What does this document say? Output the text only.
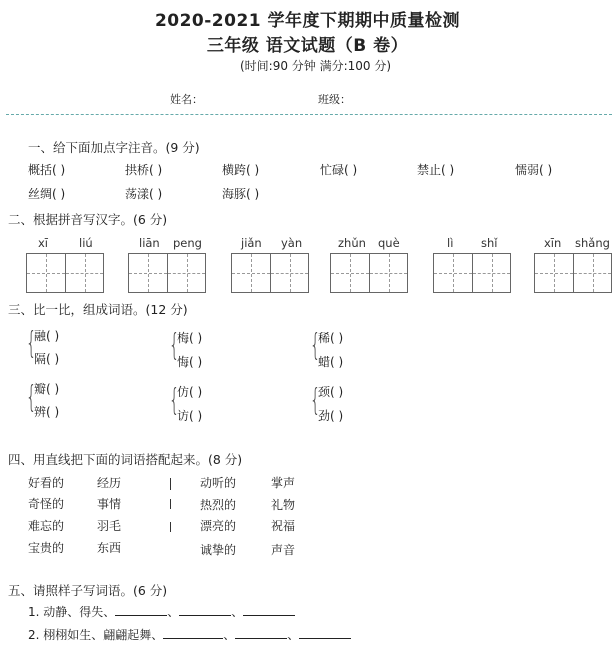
2020-2021 学年度下期期中质量检测
三年级 语文试题（B 卷）
(时间:90 分钟 满分:100 分)
姓名：	班级：
一、给下面加点字注音。(9 分)
概括( )	拱桥( )	横跨( )	忙碌( )	禁止( )	懦弱( )
丝绸( )	荡漾( )	海豚( )
二、根据拼音写汉字。(6 分)
xī	liú	liān peng	jiǎn yàn	zhǔn què	lì shǐ	xīn shǎng
三、比一比，组成词语。(12 分)
{
融( )
隔( )	{
梅( )
悔( )	{
稀( )
蜡( )
{
瓣( )
辨( )	{
仿( )
访( )	{
颈( )
劲( )
四、用直线把下面的词语搭配起来。(8 分)
好看的	经历
奇怪的	事情
难忘的	羽毛
宝贵的	东西
动听的	掌声
热烈的	礼物
漂亮的	祝福
诚挚的	声音
五、请照样子写词语。(6 分)
1. 动静、得失、	、	、
2. 栩栩如生、翩翩起舞、	、	、
